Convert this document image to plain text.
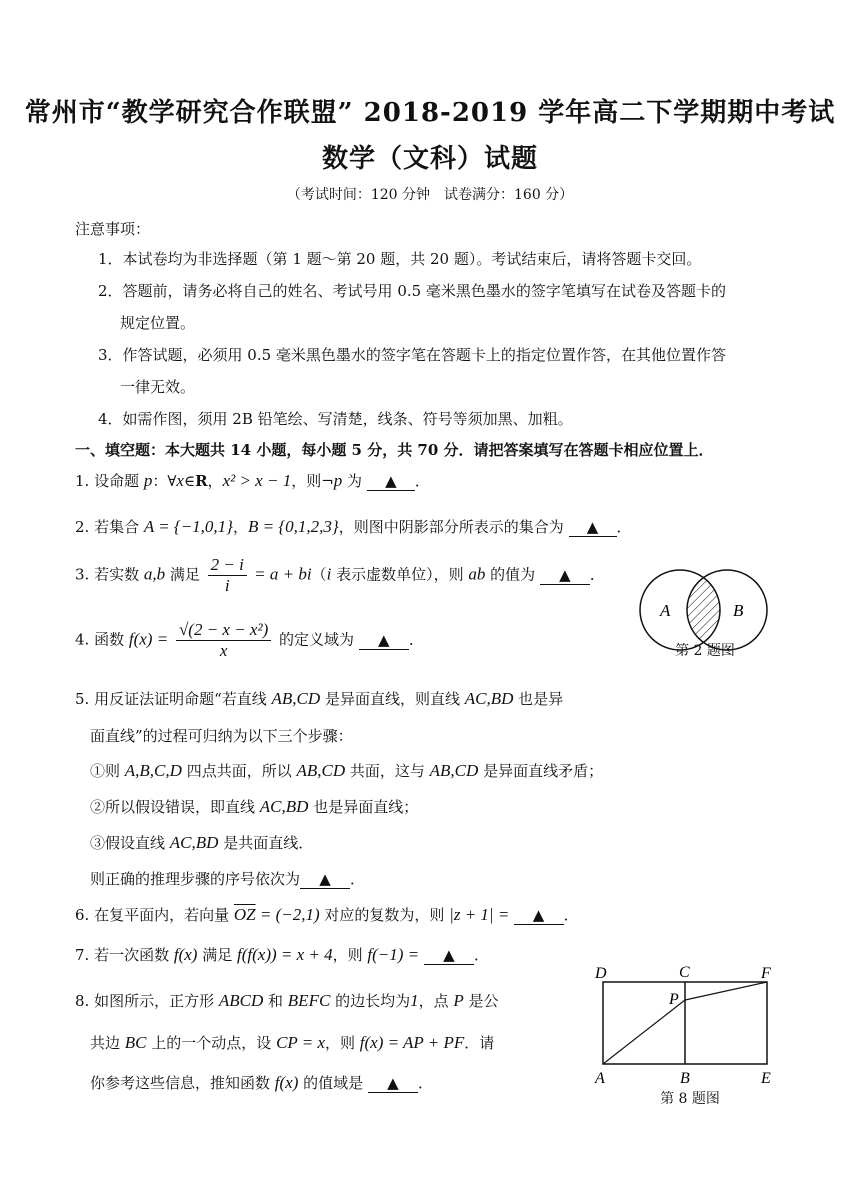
常州市“教学研究合作联盟” 2018-2019 学年高二下学期期中考试
数学（文科）试题
（考试时间：120 分钟　试卷满分：160 分）
注意事项：
1．本试卷均为非选择题（第 1 题～第 20 题，共 20 题）。考试结束后，请将答题卡交回。
2．答题前，请务必将自己的姓名、考试号用 0.5 毫米黑色墨水的签字笔填写在试卷及答题卡的
规定位置。
3．作答试题，必须用 0.5 毫米黑色墨水的签字笔在答题卡上的指定位置作答，在其他位置作答
一律无效。
4．如需作图，须用 2B 铅笔绘、写清楚，线条、符号等须加黑、加粗。
一、填空题：本大题共 14 小题，每小题 5 分，共 70 分．请把答案填写在答题卡相应位置上．
1. 设命题 p：∀x∈R，x² > x − 1，则¬p 为 ▲ ．
2. 若集合 A = {−1,0,1}，B = {0,1,2,3}，则图中阴影部分所表示的集合为 ▲ ．
3. 若实数 a,b 满足 $\frac{2 - i}{i} = a + bi(i$ 表示虚数单位），则 ab 的值为 ▲ ．
4. 函数 $f(x) = \frac{\text{√(2 − x − x²)}}{x}$ 的定义域为 ▲ ．
5. 用反证法证明命题“若直线 AB,CD 是异面直线，则直线 AC,BD 也是异
面直线”的过程可归纳为以下三个步骤：
①则 A,B,C,D 四点共面，所以 AB,CD 共面，这与 AB,CD 是异面直线矛盾；
②所以假设错误，即直线 AC,BD 也是异面直线；
③假设直线 AC,BD 是共面直线．
则正确的推理步骤的序号依次为 ▲ ．
6. 在复平面内，若向量 $\overline{OZ} = (-2,1)$ 对应的复数为，则 |z + 1| = ▲ ．
7. 若一次函数 f(x) 满足 f(f(x)) = x + 4，则 f(−1) = ▲ ．
8. 如图所示，正方形 ABCD 和 BEFC 的边长均为1，点 P 是公
共边 BC 上的一个动点，设 CP = x，则 f(x) = AP + PF．请
你参考这些信息，推知函数 f(x) 的值域是 ▲ ．
A	B
第 2 题图
D	C	F
P
A	B	E
第 8 题图
